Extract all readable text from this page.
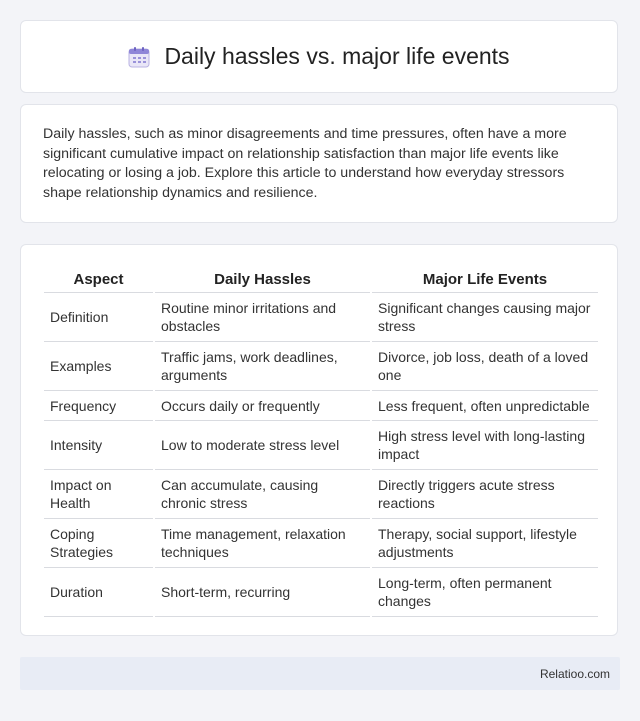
Daily hassles vs. major life events

Daily hassles, such as minor disagreements and time pressures, often have a more significant cumulative impact on relationship satisfaction than major life events like relocating or losing a job. Explore this article to understand how everyday stressors shape relationship dynamics and resilience.

Aspect	Daily Hassles	Major Life Events
Definition	Routine minor irritations and obstacles	Significant changes causing major stress
Examples	Traffic jams, work deadlines, arguments	Divorce, job loss, death of a loved one
Frequency	Occurs daily or frequently	Less frequent, often unpredictable
Intensity	Low to moderate stress level	High stress level with long-lasting impact
Impact on Health	Can accumulate, causing chronic stress	Directly triggers acute stress reactions
Coping Strategies	Time management, relaxation techniques	Therapy, social support, lifestyle adjustments
Duration	Short-term, recurring	Long-term, often permanent changes
Relatioo.com
